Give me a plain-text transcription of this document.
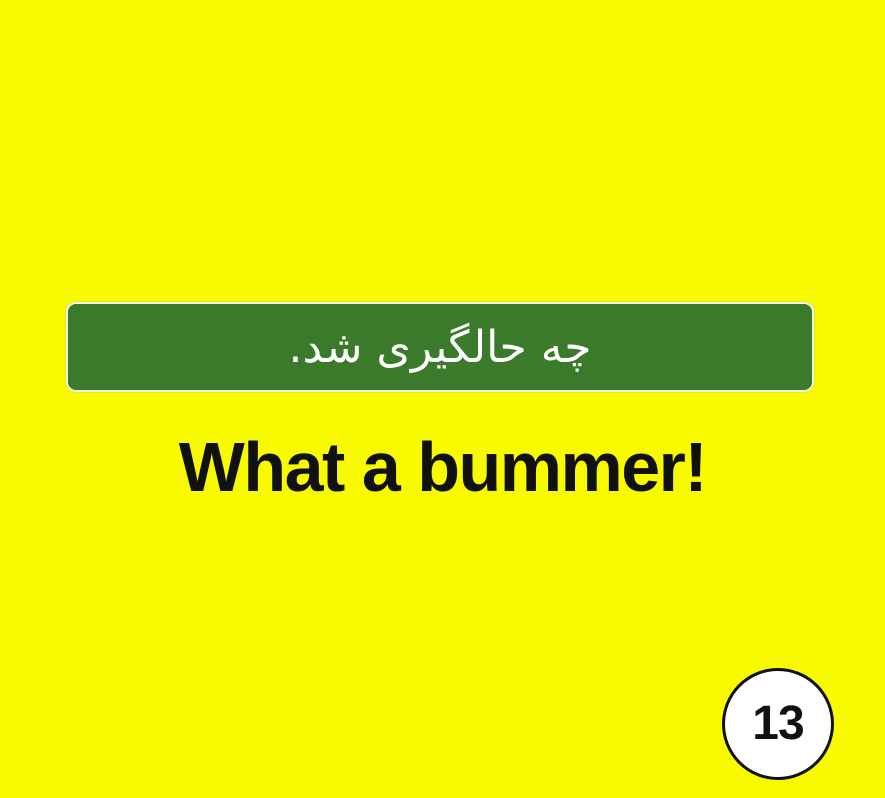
چه حالگیری شد.
What a bummer!
13
